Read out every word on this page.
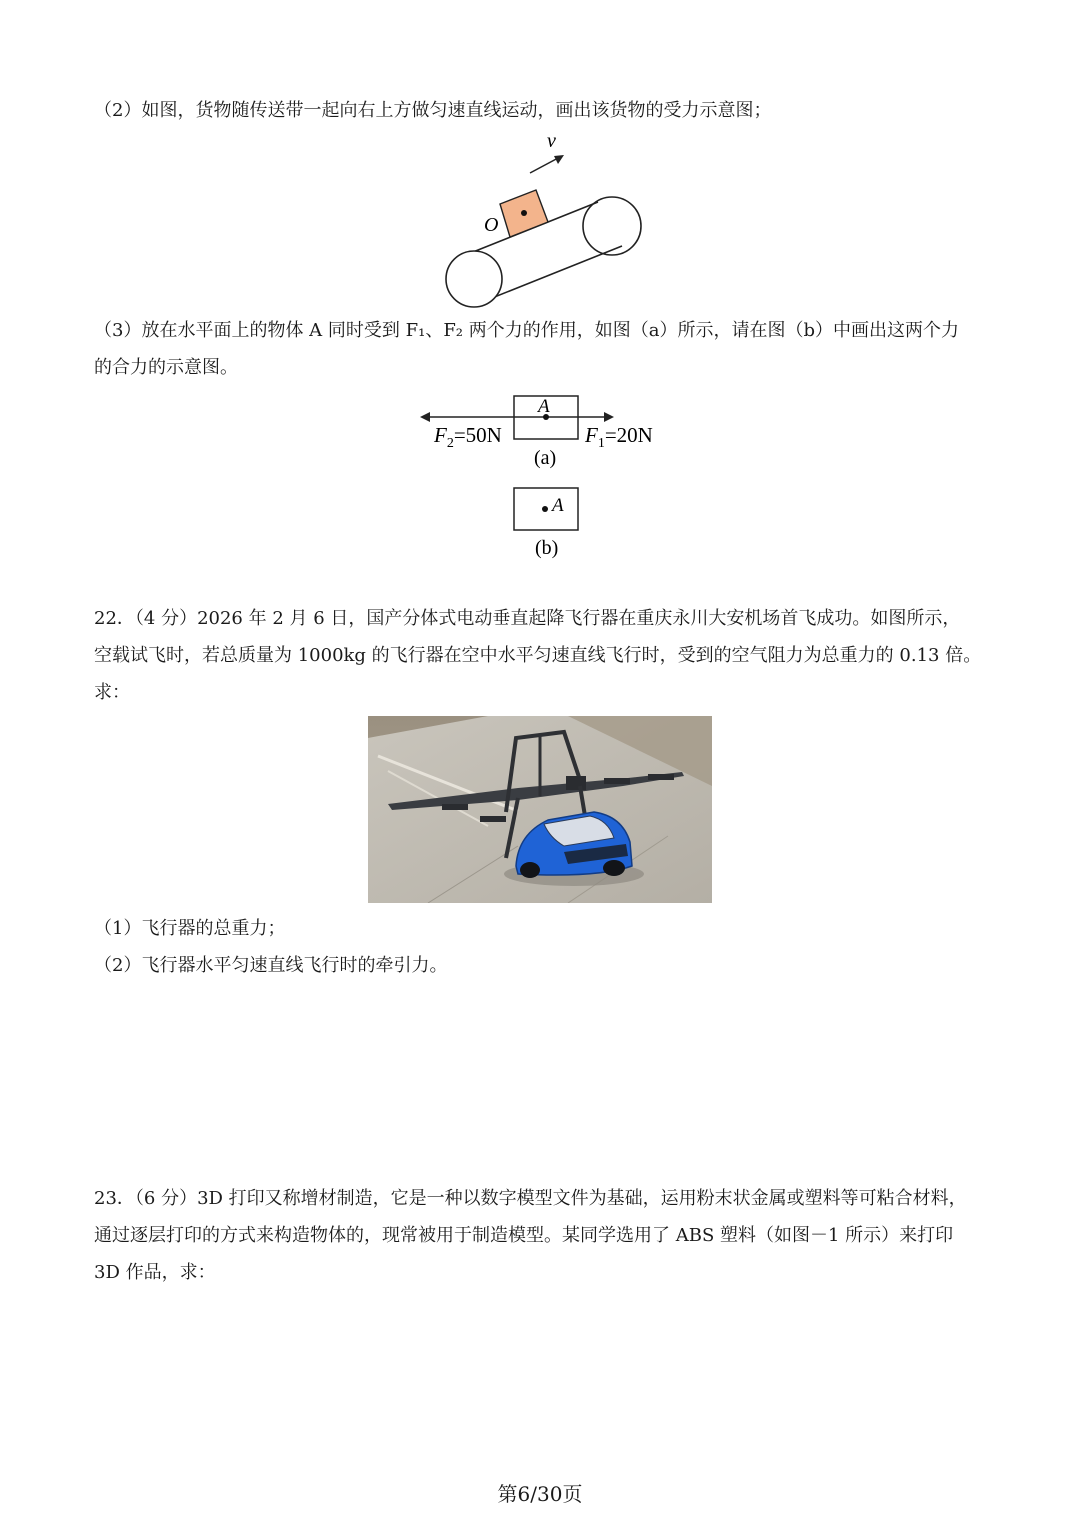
（2）如图，货物随传送带一起向右上方做匀速直线运动，画出该货物的受力示意图；

v
O

（3）放在水平面上的物体 A 同时受到 F₁、F₂ 两个力的作用，如图（a）所示，请在图（b）中画出这两个力
的合力的示意图。

A
$F_2=50N$	$F_1=20N$
(a)
A
(b)

22．（4 分）2026 年 2 月 6 日，国产分体式电动垂直起降飞行器在重庆永川大安机场首飞成功。如图所示，
空载试飞时，若总质量为 1000kg 的飞行器在空中水平匀速直线飞行时，受到的空气阻力为总重力的 0.13 倍。
求：

（1）飞行器的总重力；
（2）飞行器水平匀速直线飞行时的牵引力。

23．（6 分）3D 打印又称增材制造，它是一种以数字模型文件为基础，运用粉末状金属或塑料等可粘合材料，
通过逐层打印的方式来构造物体的，现常被用于制造模型。某同学选用了 ABS 塑料（如图－1 所示）来打印
3D 作品，求：

第6/30页
